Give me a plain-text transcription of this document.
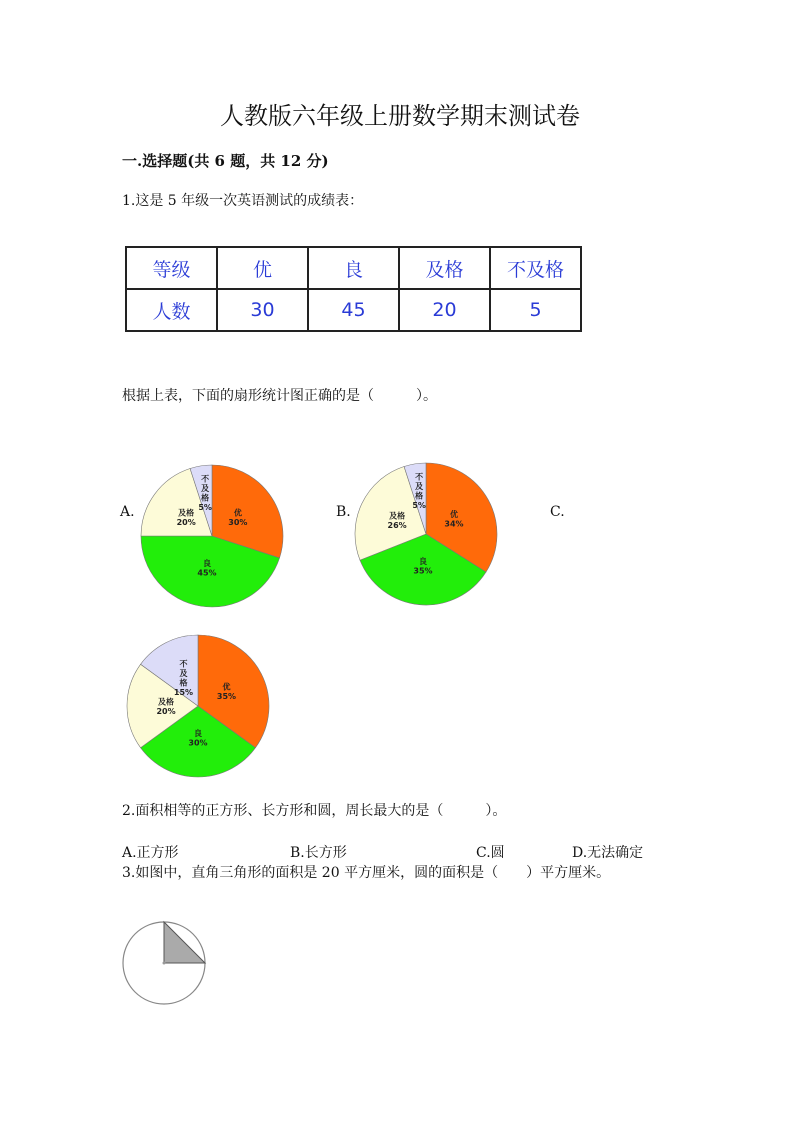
人教版六年级上册数学期末测试卷
一.选择题(共 6 题，共 12 分)
1.这是 5 年级一次英语测试的成绩表：
等级	优	良	及格	不及格
人数	30	45	20	5
根据上表，下面的扇形统计图正确的是（　　　）。
A.	B.	C.
优
30%
良
45%
及格
20%
不
及
格
5%
优
34%
良
35%
及格
26%
不
及
格
5%
优
35%
良
30%
及格
20%
不
及
格
15%
2.面积相等的正方形、长方形和圆，周长最大的是（　　　）。
A.正方形	B.长方形	C.圆	D.无法确定
3.如图中，直角三角形的面积是 20 平方厘米，圆的面积是（　　）平方厘米。
